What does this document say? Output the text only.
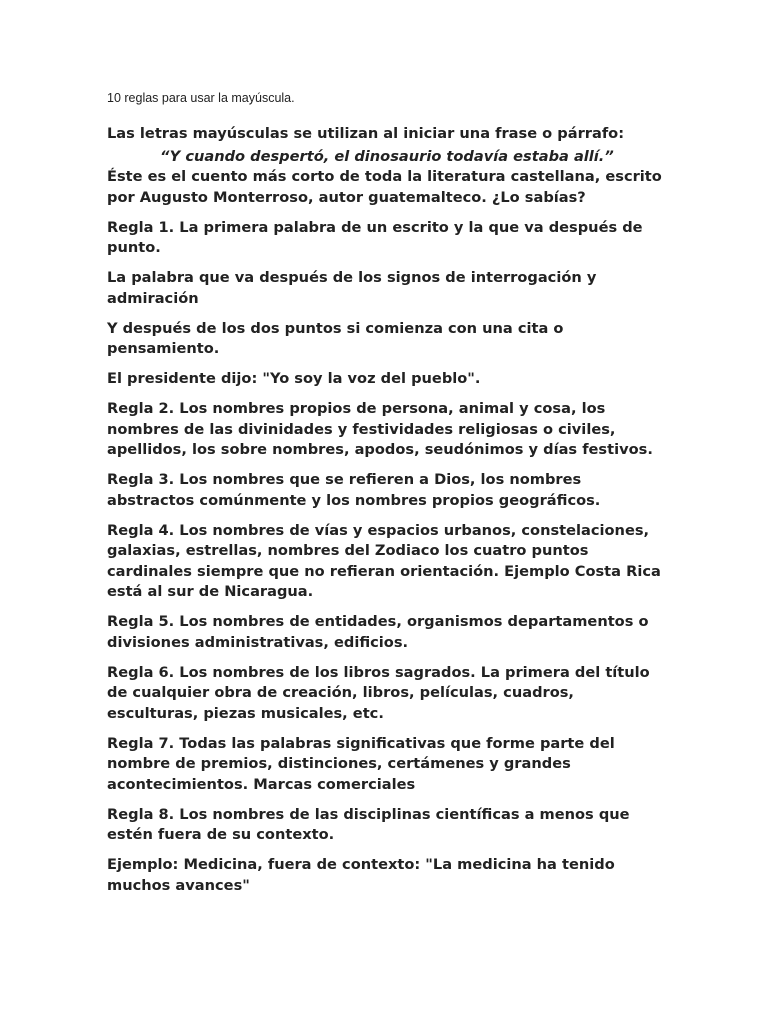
10 reglas para usar la mayúscula.

Las letras mayúsculas se utilizan al iniciar una frase o párrafo:

“Y cuando despertó, el dinosaurio todavía estaba allí.”

Éste es el cuento más corto de toda la literatura castellana, escrito por Augusto Monterroso, autor guatemalteco. ¿Lo sabías?

Regla 1. La primera palabra de un escrito y la que va después de punto.

La palabra que va después de los signos de interrogación y admiración

Y después de los dos puntos si comienza con una cita o pensamiento.

El presidente dijo: "Yo soy la voz del pueblo".

Regla 2. Los nombres propios de persona, animal y cosa, los nombres de las divinidades y festividades religiosas o civiles, apellidos, los sobre nombres, apodos, seudónimos y días festivos.

Regla 3. Los nombres que se refieren a Dios, los nombres abstractos comúnmente y los nombres propios geográficos.

Regla 4. Los nombres de vías y espacios urbanos, constelaciones, galaxias, estrellas, nombres del Zodiaco los cuatro puntos cardinales siempre que no refieran orientación. Ejemplo Costa Rica está al sur de Nicaragua.

Regla 5. Los nombres de entidades, organismos departamentos o divisiones administrativas, edificios.

Regla 6. Los nombres de los libros sagrados. La primera del título de cualquier obra de creación, libros, películas, cuadros, esculturas, piezas musicales, etc.

Regla 7. Todas las palabras significativas que forme parte del nombre de premios, distinciones, certámenes y grandes acontecimientos. Marcas comerciales

Regla 8. Los nombres de las disciplinas científicas a menos que estén fuera de su contexto.

Ejemplo: Medicina, fuera de contexto: "La medicina ha tenido muchos avances"
